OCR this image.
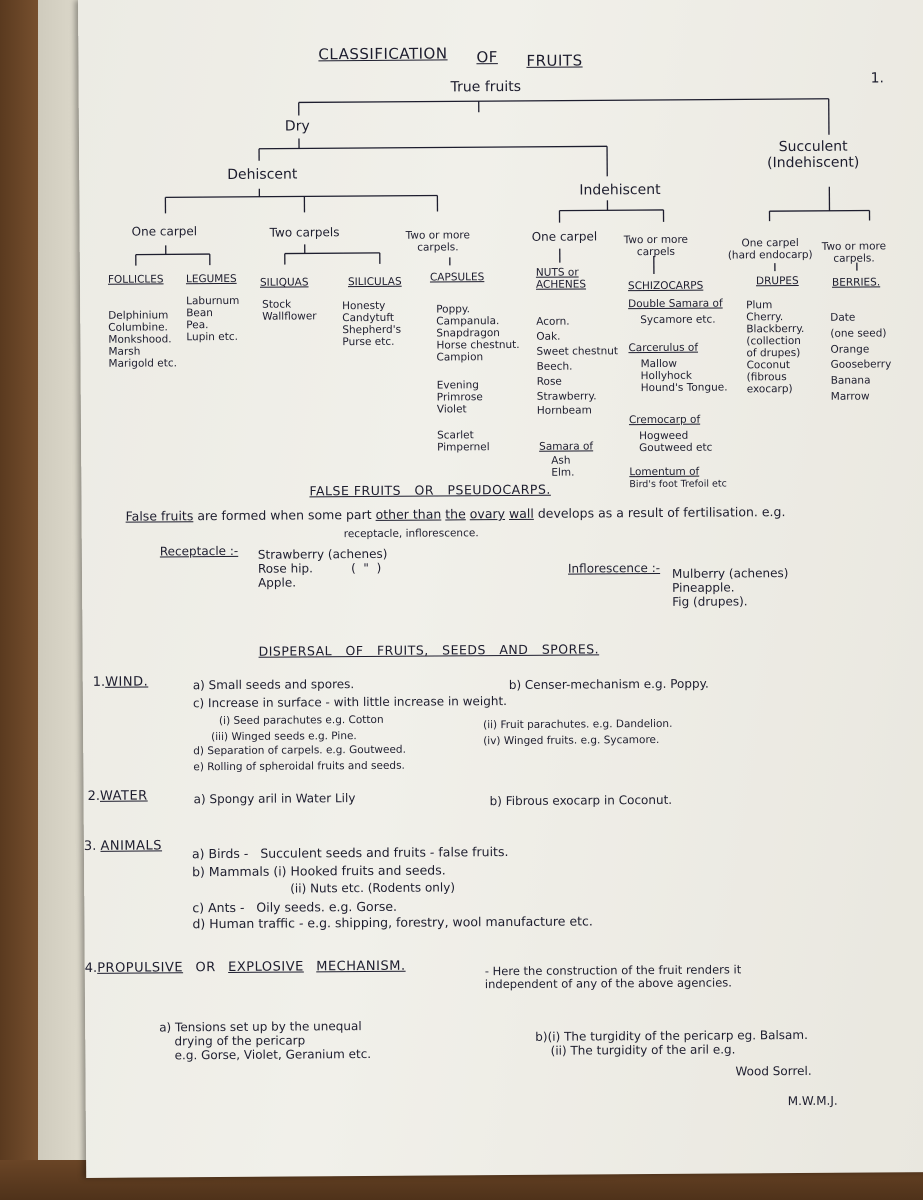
1.
CLASSIFICATION OF FRUITS
True fruits
Dry
Succulent
(Indehiscent)
Dehiscent
Indehiscent
One carpel	Two carpels	Two or more
carpels.
One carpel	Two or more
carpels
One carpel
(hard endocarp)
Two or more
carpels.
FOLLICLES
Delphinium
Columbine.
Monkshood.
Marsh
Marigold etc.
LEGUMES
Laburnum
Bean
Pea.
Lupin etc.
SILIQUAS
Stock
Wallflower
SILICULAS
Honesty
Candytuft
Shepherd's
Purse etc.
CAPSULES
Poppy.
Campanula.
Snapdragon
Horse chestnut.
Campion
Evening
Primrose
Violet
Scarlet
Pimpernel
NUTS or
ACHENES
Acorn.
Oak.
Sweet chestnut
Beech.
Rose
Strawberry.
Hornbeam
Samara of
Ash
Elm.
SCHIZOCARPS
Double Samara of
Sycamore etc.
Carcerulus of
Mallow
Hollyhock
Hound's Tongue.
Cremocarp of
Hogweed
Goutweed etc
Lomentum of
Bird's foot Trefoil etc
DRUPES
Plum
Cherry.
Blackberry.
(collection
of drupes)
Coconut
(fibrous
exocarp)
BERRIES.
Date
(one seed)
Orange
Gooseberry
Banana
Marrow
FALSE FRUITS   OR   PSEUDOCARPS.
False fruits are formed when some part other than the ovary wall develops as a result of fertilisation. e.g.
receptacle, inflorescence.
Receptacle :- Strawberry (achenes)
Rose hip.          (  "  )
Apple.
Inflorescence :- Mulberry (achenes)
Pineapple.
Fig (drupes).
DISPERSAL   OF   FRUITS,   SEEDS   AND   SPORES.
1.WIND.	a) Small seeds and spores.	b) Censer-mechanism e.g. Poppy.
c) Increase in surface - with little increase in weight.
(i) Seed parachutes e.g. Cotton	(ii) Fruit parachutes. e.g. Dandelion.
(iii) Winged seeds e.g. Pine.	(iv) Winged fruits. e.g. Sycamore.
d) Separation of carpels. e.g. Goutweed.
e) Rolling of spheroidal fruits and seeds.
2.WATER	a) Spongy aril in Water Lily	b) Fibrous exocarp in Coconut.
3. ANIMALS a) Birds -   Succulent seeds and fruits - false fruits.
b) Mammals (i) Hooked fruits and seeds.
(ii) Nuts etc. (Rodents only)
c) Ants -   Oily seeds. e.g. Gorse.
d) Human traffic - e.g. shipping, forestry, wool manufacture etc.
4.PROPULSIVE OR EXPLOSIVE MECHANISM.	- Here the construction of the fruit renders it
independent of any of the above agencies.
a) Tensions set up by the unequal
drying of the pericarp
e.g. Gorse, Violet, Geranium etc.
b)(i) The turgidity of the pericarp eg. Balsam.
(ii) The turgidity of the aril e.g.
Wood Sorrel.
M.W.M.J.
